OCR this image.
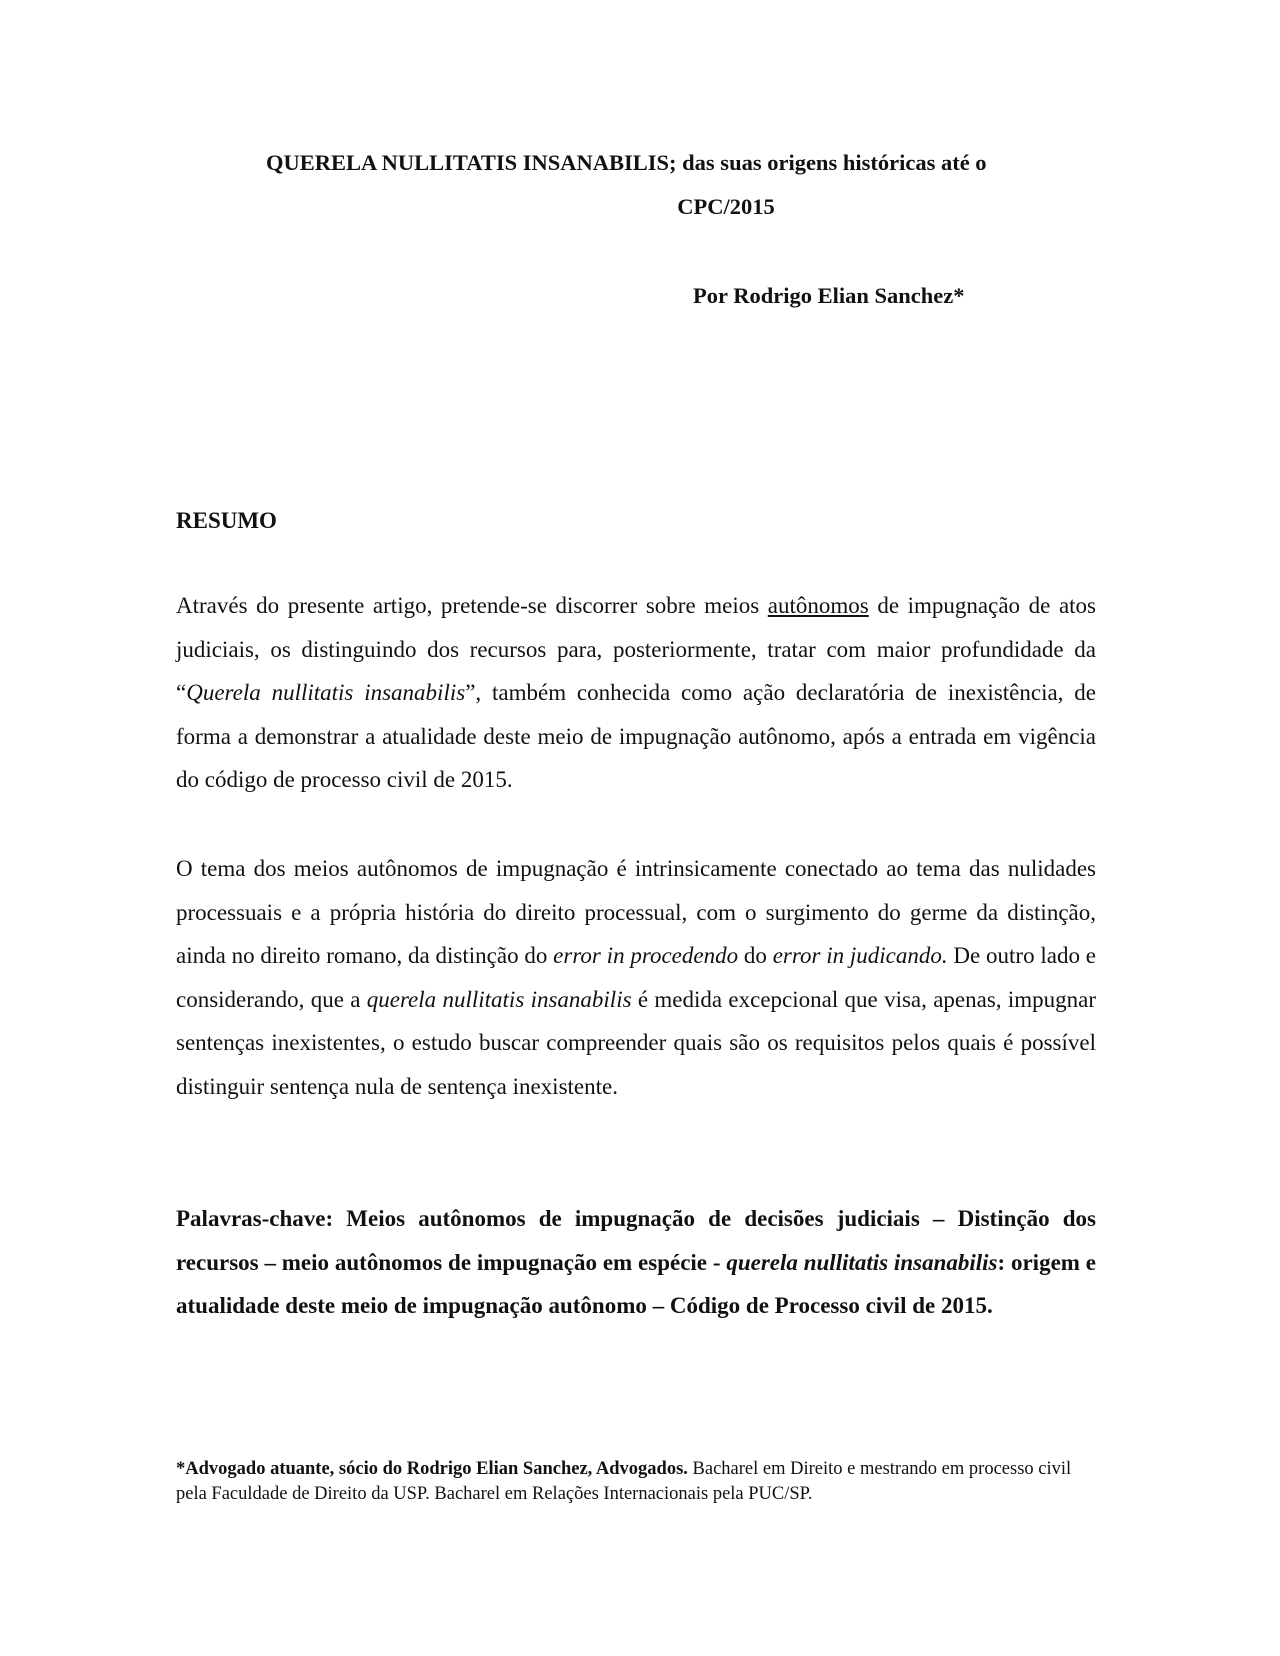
QUERELA NULLITATIS INSANABILIS; das suas origens históricas até o

CPC/2015

Por Rodrigo Elian Sanchez*

RESUMO

Através do presente artigo, pretende-se discorrer sobre meios autônomos de impugnação de atos judiciais, os distinguindo dos recursos para, posteriormente, tratar com maior profundidade da “Querela nullitatis insanabilis”, também conhecida como ação declaratória de inexistência, de forma a demonstrar a atualidade deste meio de impugnação autônomo, após a entrada em vigência do código de processo civil de 2015.

O tema dos meios autônomos de impugnação é intrinsicamente conectado ao tema das nulidades processuais e a própria história do direito processual, com o surgimento do germe da distinção, ainda no direito romano, da distinção do error in procedendo do error in judicando. De outro lado e considerando, que a querela nullitatis insanabilis é medida excepcional que visa, apenas, impugnar sentenças inexistentes, o estudo buscar compreender quais são os requisitos pelos quais é possível distinguir sentença nula de sentença inexistente.

Palavras-chave: Meios autônomos de impugnação de decisões judiciais – Distinção dos recursos – meio autônomos de impugnação em espécie - querela nullitatis insanabilis: origem e atualidade deste meio de impugnação autônomo – Código de Processo civil de 2015.

*Advogado atuante, sócio do Rodrigo Elian Sanchez, Advogados. Bacharel em Direito e mestrando em processo civil pela Faculdade de Direito da USP. Bacharel em Relações Internacionais pela PUC/SP.
